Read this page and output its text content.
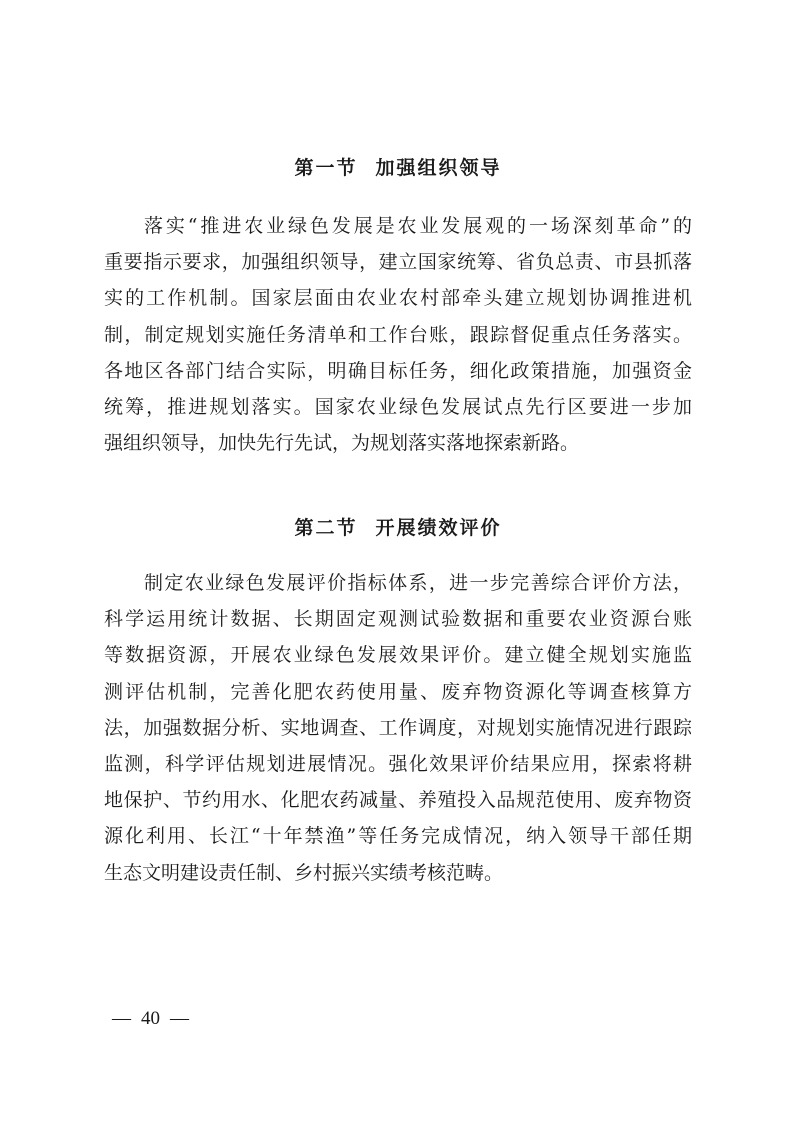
第一节 加强组织领导
落实“推进农业绿色发展是农业发展观的一场深刻革命”的
重要指示要求，加强组织领导，建立国家统筹、省负总责、市县抓落
实的工作机制。国家层面由农业农村部牵头建立规划协调推进机
制，制定规划实施任务清单和工作台账，跟踪督促重点任务落实。
各地区各部门结合实际，明确目标任务，细化政策措施，加强资金
统筹，推进规划落实。国家农业绿色发展试点先行区要进一步加
强组织领导，加快先行先试，为规划落实落地探索新路。
第二节 开展绩效评价
制定农业绿色发展评价指标体系，进一步完善综合评价方法，
科学运用统计数据、长期固定观测试验数据和重要农业资源台账
等数据资源，开展农业绿色发展效果评价。建立健全规划实施监
测评估机制，完善化肥农药使用量、废弃物资源化等调查核算方
法，加强数据分析、实地调查、工作调度，对规划实施情况进行跟踪
监测，科学评估规划进展情况。强化效果评价结果应用，探索将耕
地保护、节约用水、化肥农药减量、养殖投入品规范使用、废弃物资
源化利用、长江“十年禁渔”等任务完成情况，纳入领导干部任期
生态文明建设责任制、乡村振兴实绩考核范畴。
— 40 —
